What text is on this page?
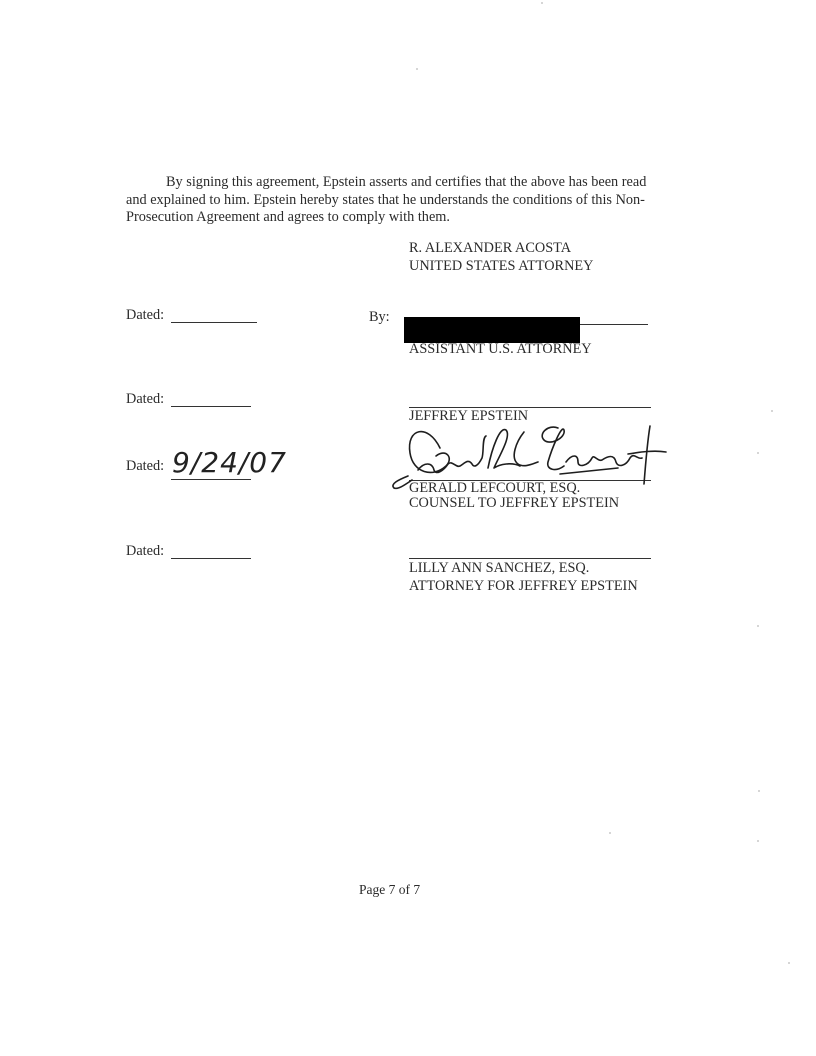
By signing this agreement, Epstein asserts and certifies that the above has been read
and explained to him. Epstein hereby states that he understands the conditions of this Non-
Prosecution Agreement and agrees to comply with them.
R. ALEXANDER ACOSTA
UNITED STATES ATTORNEY
Dated:	By:
ASSISTANT U.S. ATTORNEY
Dated:
JEFFREY EPSTEIN
Dated: 9/24/07
GERALD LEFCOURT, ESQ.
COUNSEL TO JEFFREY EPSTEIN
Dated:
LILLY ANN SANCHEZ, ESQ.
ATTORNEY FOR JEFFREY EPSTEIN
Page 7 of 7
